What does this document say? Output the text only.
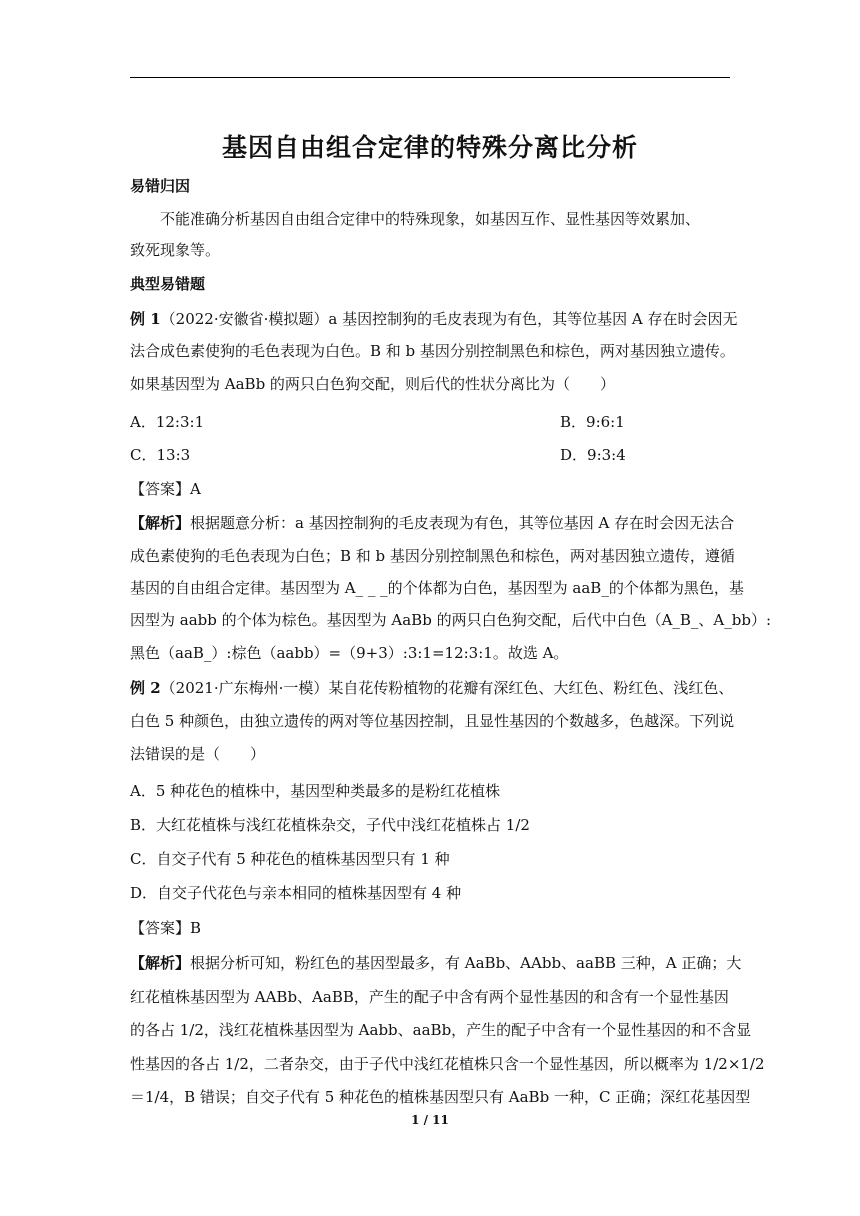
基因自由组合定律的特殊分离比分析
易错归因
不能准确分析基因自由组合定律中的特殊现象，如基因互作、显性基因等效累加、
致死现象等。
典型易错题
例 1（2022·安徽省·模拟题）a 基因控制狗的毛皮表现为有色，其等位基因 A 存在时会因无
法合成色素使狗的毛色表现为白色。B 和 b 基因分别控制黑色和棕色，两对基因独立遗传。
如果基因型为 AaBb 的两只白色狗交配，则后代的性状分离比为（　　）
A．12:3:1	B．9:6:1
C．13:3	D．9:3:4
【答案】A
【解析】根据题意分析：a 基因控制狗的毛皮表现为有色，其等位基因 A 存在时会因无法合
成色素使狗的毛色表现为白色；B 和 b 基因分别控制黑色和棕色，两对基因独立遗传，遵循
基因的自由组合定律。基因型为 A_ _ _的个体都为白色，基因型为 aaB_的个体都为黑色，基
因型为 aabb 的个体为棕色。基因型为 AaBb 的两只白色狗交配，后代中白色（A_B_、A_bb）:
黑色（aaB_）:棕色（aabb）=（9+3）:3:1=12:3:1。故选 A。
例 2（2021·广东梅州·一模）某自花传粉植物的花瓣有深红色、大红色、粉红色、浅红色、
白色 5 种颜色，由独立遗传的两对等位基因控制，且显性基因的个数越多，色越深。下列说
法错误的是（　　）
A．5 种花色的植株中，基因型种类最多的是粉红花植株
B．大红花植株与浅红花植株杂交，子代中浅红花植株占 1/2
C．自交子代有 5 种花色的植株基因型只有 1 种
D．自交子代花色与亲本相同的植株基因型有 4 种
【答案】B
【解析】根据分析可知，粉红色的基因型最多，有 AaBb、AAbb、aaBB 三种，A 正确；大
红花植株基因型为 AABb、AaBB，产生的配子中含有两个显性基因的和含有一个显性基因
的各占 1/2，浅红花植株基因型为 Aabb、aaBb，产生的配子中含有一个显性基因的和不含显
性基因的各占 1/2，二者杂交，由于子代中浅红花植株只含一个显性基因，所以概率为 1/2×1/2
＝1/4，B 错误；自交子代有 5 种花色的植株基因型只有 AaBb 一种，C 正确；深红花基因型
1 / 11
